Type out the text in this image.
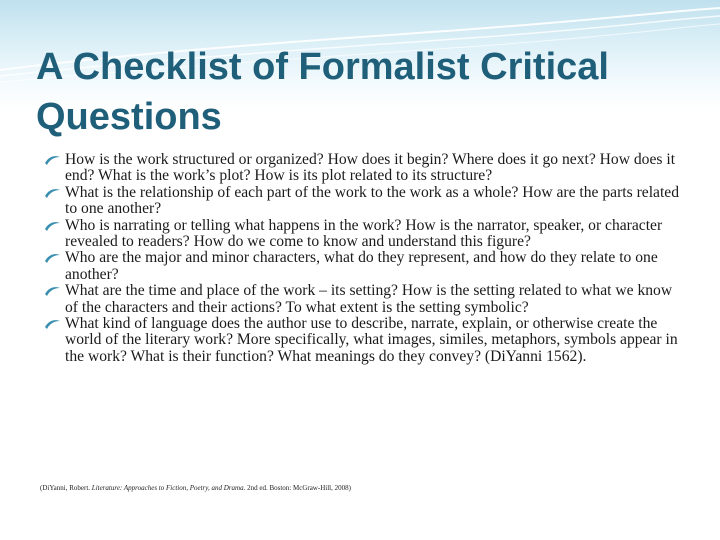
A Checklist of Formalist Critical Questions
How is the work structured or organized? How does it begin? Where does it go next? How does it end? What is the work’s plot? How is its plot related to its structure?
What is the relationship of each part of the work to the work as a whole? How are the parts related to one another?
Who is narrating or telling what happens in the work? How is the narrator, speaker, or character revealed to readers? How do we come to know and understand this figure?
Who are the major and minor characters, what do they represent, and how do they relate to one another?
What are the time and place of the work – its setting? How is the setting related to what we know of the characters and their actions? To what extent is the setting symbolic?
What kind of language does the author use to describe, narrate, explain, or otherwise create the world of the literary work? More specifically, what images, similes, metaphors, symbols appear in the work? What is their function? What meanings do they convey? (DiYanni 1562).
(DiYanni, Robert. Literature: Approaches to Fiction, Poetry, and Drama. 2nd ed. Boston: McGraw-Hill, 2008)
